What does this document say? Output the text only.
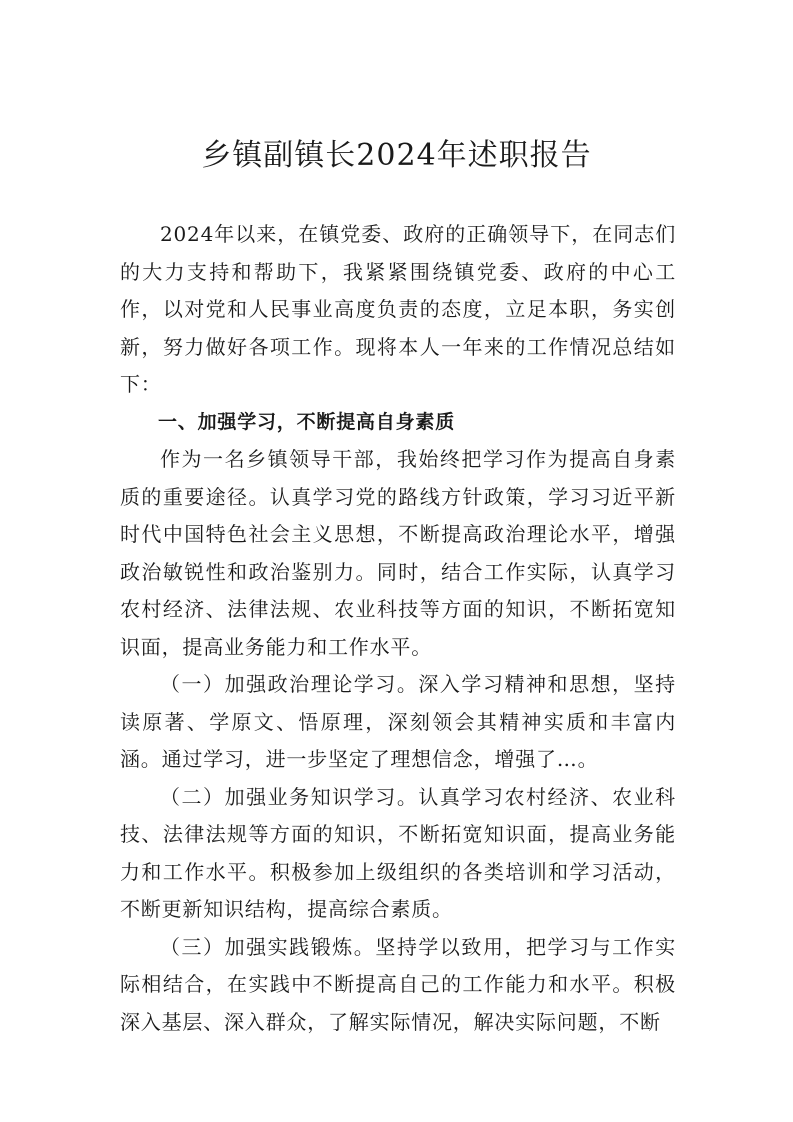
乡镇副镇长2024年述职报告

2024年以来，在镇党委、政府的正确领导下，在同志们的大力支持和帮助下，我紧紧围绕镇党委、政府的中心工作，以对党和人民事业高度负责的态度，立足本职，务实创新，努力做好各项工作。现将本人一年来的工作情况总结如下：

一、加强学习，不断提高自身素质

作为一名乡镇领导干部，我始终把学习作为提高自身素质的重要途径。认真学习党的路线方针政策，学习习近平新时代中国特色社会主义思想，不断提高政治理论水平，增强政治敏锐性和政治鉴别力。同时，结合工作实际，认真学习农村经济、法律法规、农业科技等方面的知识，不断拓宽知识面，提高业务能力和工作水平。

（一）加强政治理论学习。深入学习精神和思想，坚持读原著、学原文、悟原理，深刻领会其精神实质和丰富内涵。通过学习，进一步坚定了理想信念，增强了…。

（二）加强业务知识学习。认真学习农村经济、农业科技、法律法规等方面的知识，不断拓宽知识面，提高业务能力和工作水平。积极参加上级组织的各类培训和学习活动，不断更新知识结构，提高综合素质。

（三）加强实践锻炼。坚持学以致用，把学习与工作实际相结合，在实践中不断提高自己的工作能力和水平。积极深入基层、深入群众，了解实际情况，解决实际问题，不断
